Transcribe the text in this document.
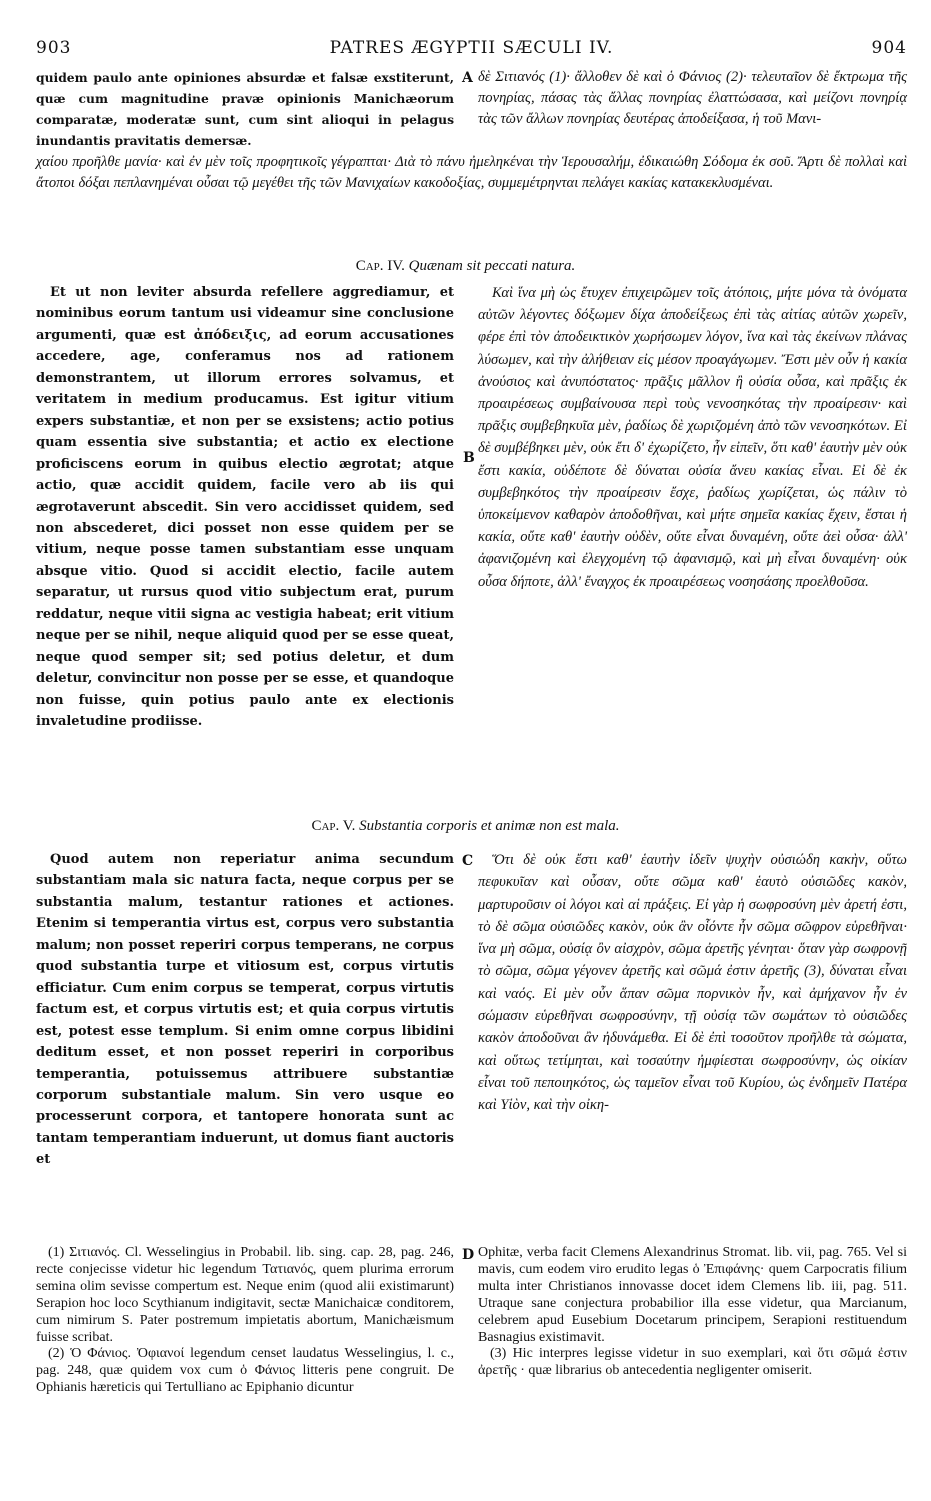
903	PATRES ÆGYPTII SÆCULI IV.	904

quidem paulo ante opiniones absurdæ et falsæ exstiterunt, quæ cum magnitudine pravæ opinionis Manichæorum comparatæ, moderatæ sunt, cum sint alioqui in pelagus inundantis pravitatis demersæ.

A δὲ Σιτιανός (1)· ἄλλοθεν δὲ καὶ ὁ Φάνιος (2)· τελευταῖον δὲ ἔκτρωμα τῆς πονηρίας, πάσας τὰς ἄλλας πονηρίας ἐλαττώσασα, καὶ μείζονι πονηρίᾳ τὰς τῶν ἄλλων πονηρίας δευτέρας ἀποδείξασα, ἡ τοῦ Μανι-

χαίου προῆλθε μανία· καὶ ἐν μὲν τοῖς προφητικοῖς γέγραπται· Διὰ τὸ πάνυ ἠμεληκέναι τὴν Ἱερουσαλήμ, ἐδικαιώθη Σόδομα ἐκ σοῦ. Ἄρτι δὲ πολλαὶ καὶ ἄτοποι δόξαι πεπλανημέναι οὖσαι τῷ μεγέθει τῆς τῶν Μανιχαίων κακοδοξίας, συμμεμέτρηνται πελάγει κακίας κατακεκλυσμέναι.

Cap. IV. Quænam sit peccati natura.

Et ut non leviter absurda refellere aggrediamur, et nominibus eorum tantum usi videamur sine conclusione argumenti, quæ est ἀπόδειξις, ad eorum accusationes accedere, age, conferamus nos ad rationem demonstrantem, ut illorum errores solvamus, et veritatem in medium producamus. Est igitur vitium expers substantiæ, et non per se exsistens; actio potius quam essentia sive substantia; et actio ex electione proficiscens eorum in quibus electio ægrotat; atque actio, quæ accidit quidem, facile vero ab iis qui ægrotaverunt abscedit. Sin vero accidisset quidem, sed non abscederet, dici posset non esse quidem per se vitium, neque posse tamen substantiam esse unquam absque vitio. Quod si accidit electio, facile autem separatur, ut rursus quod vitio subjectum erat, purum reddatur, neque vitii signa ac vestigia habeat; erit vitium neque per se nihil, neque aliquid quod per se esse queat, neque quod semper sit; sed potius deletur, et dum deletur, convincitur non posse per se esse, et quandoque non fuisse, quin potius paulo ante ex electionis invaletudine prodiisse.

B

Καὶ ἵνα μὴ ὡς ἔτυχεν ἐπιχειρῶμεν τοῖς ἀτόποις, μήτε μόνα τὰ ὀνόματα αὐτῶν λέγοντες δόξωμεν δίχα ἀποδείξεως ἐπὶ τὰς αἰτίας αὐτῶν χωρεῖν, φέρε ἐπὶ τὸν ἀποδεικτικὸν χωρήσωμεν λόγον, ἵνα καὶ τὰς ἐκείνων πλάνας λύσωμεν, καὶ τὴν ἀλήθειαν εἰς μέσον προαγάγωμεν. Ἔστι μὲν οὖν ἡ κακία ἀνούσιος καὶ ἀνυπόστατος· πρᾶξις μᾶλλον ἢ οὐσία οὖσα, καὶ πρᾶξις ἐκ προαιρέσεως συμβαίνουσα περὶ τοὺς νενοσηκότας τὴν προαίρεσιν· καὶ πρᾶξις συμβεβηκυῖα μὲν, ῥαδίως δὲ χωριζομένη ἀπὸ τῶν νενοσηκότων. Εἰ δὲ συμβέβηκει μὲν, οὐκ ἔτι δ' ἐχωρίζετο, ἦν εἰπεῖν, ὅτι καθ' ἑαυτὴν μὲν οὐκ ἔστι κακία, οὐδέποτε δὲ δύναται οὐσία ἄνευ κακίας εἶναι. Εἰ δὲ ἐκ συμβεβηκότος τὴν προαίρεσιν ἔσχε, ῥαδίως χωρίζεται, ὡς πάλιν τὸ ὑποκείμενον καθαρὸν ἀποδοθῆναι, καὶ μήτε σημεῖα κακίας ἔχειν, ἔσται ἡ κακία, οὔτε καθ' ἑαυτὴν οὐδὲν, οὔτε εἶναι δυναμένη, οὔτε ἀεὶ οὖσα· ἀλλ' ἀφανιζομένη καὶ ἐλεγχομένη τῷ ἀφανισμῷ, καὶ μὴ εἶναι δυναμένη· οὐκ οὖσα δήποτε, ἀλλ' ἔναγχος ἐκ προαιρέσεως νοσησάσης προελθοῦσα.

Cap. V. Substantia corporis et animæ non est mala.

Quod autem non reperiatur anima secundum substantiam mala sic natura facta, neque corpus per se substantia malum, testantur rationes et actiones. Etenim si temperantia virtus est, corpus vero substantia malum; non posset reperiri corpus temperans, ne corpus quod substantia turpe et vitiosum est, corpus virtutis efficiatur. Cum enim corpus se temperat, corpus virtutis factum est, et corpus virtutis est; et quia corpus virtutis est, potest esse templum. Si enim omne corpus libidini deditum esset, et non posset reperiri in corporibus temperantia, potuissemus attribuere substantiæ corporum substantiale malum. Sin vero usque eo processerunt corpora, et tantopere honorata sunt ac tantam temperantiam induerunt, ut domus fiant auctoris et

C	Ὅτι δὲ οὐκ ἔστι καθ' ἑαυτὴν ἰδεῖν ψυχὴν οὐσιώδη κακὴν, οὕτω πεφυκυῖαν καὶ οὖσαν, οὔτε σῶμα καθ' ἑαυτὸ οὐσιῶδες κακὸν, μαρτυροῦσιν οἱ λόγοι καὶ αἱ πράξεις. Εἰ γὰρ ἡ σωφροσύνη μὲν ἀρετή ἐστι, τὸ δὲ σῶμα οὐσιῶδες κακὸν, οὐκ ἂν οἷόντε ἦν σῶμα σῶφρον εὑρεθῆναι· ἵνα μὴ σῶμα, οὐσίᾳ ὂν αἰσχρὸν, σῶμα ἀρετῆς γένηται· ὅταν γὰρ σωφρονῇ τὸ σῶμα, σῶμα γέγονεν ἀρετῆς καὶ σῶμά ἐστιν ἀρετῆς (3), δύναται εἶναι καὶ ναός. Εἰ μὲν οὖν ἅπαν σῶμα πορνικὸν ἦν, καὶ ἀμήχανον ἦν ἐν σώμασιν εὑρεθῆναι σωφροσύνην, τῇ οὐσίᾳ τῶν σωμάτων τὸ οὐσιῶδες κακὸν ἀποδοῦναι ἂν ἠδυνάμεθα. Εἰ δὲ ἐπὶ τοσοῦτον προῆλθε τὰ σώματα, καὶ οὕτως τετίμηται, καὶ τοσαύτην ἠμφίεσται σωφροσύνην, ὡς οἰκίαν εἶναι τοῦ πεποιηκότος, ὡς ταμεῖον εἶναι τοῦ Κυρίου, ὡς ἐνδημεῖν Πατέρα καὶ Υἱὸν, καὶ τὴν οἰκη-

(1) Σιτιανός. Cl. Wesselingius in Probabil. lib. sing. cap. 28, pag. 246, recte conjecisse videtur hic legendum Τατιανός, quem plurima errorum semina olim sevisse compertum est. Neque enim (quod alii existimarunt) Serapion hoc loco Scythianum indigitavit, sectæ Manichaicæ conditorem, cum nimirum S. Pater postremum impietatis abortum, Manichæismum fuisse scribat.

(2) Ὁ Φάνιος. Ὀφιανοί legendum censet laudatus Wesselingius, l. c., pag. 248, quæ quidem vox cum ὁ Φάνιος litteris pene congruit. De Ophianis hæreticis qui Tertulliano ac Epiphanio dicuntur

D Ophitæ, verba facit Clemens Alexandrinus Stromat. lib. vii, pag. 765. Vel si mavis, cum eodem viro erudito legas ὁ Ἐπιφάνης· quem Carpocratis filium multa inter Christianos innovasse docet idem Clemens lib. iii, pag. 511. Utraque sane conjectura probabilior illa esse videtur, qua Marcianum, celebrem apud Eusebium Docetarum principem, Serapioni restituendum Basnagius existimavit.

(3) Hic interpres legisse videtur in suo exemplari, καὶ ὅτι σῶμά ἐστιν ἀρετῆς · quæ librarius ob antecedentia negligenter omiserit.
